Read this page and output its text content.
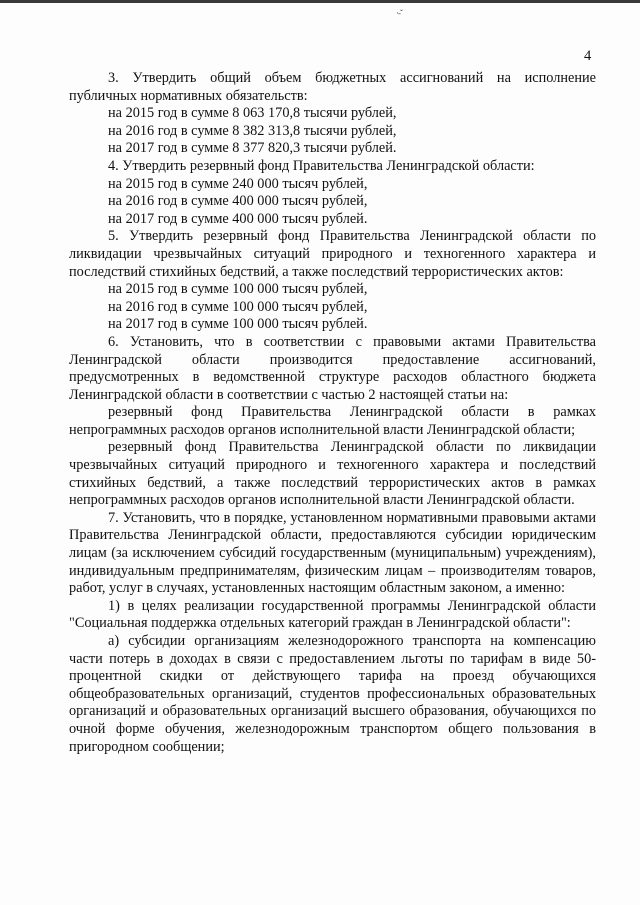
·-ˇ
4

3. Утвердить общий объем бюджетных ассигнований на исполнение публичных нормативных обязательств:

на 2015 год в сумме 8 063 170,8 тысячи рублей,

на 2016 год в сумме 8 382 313,8 тысячи рублей,

на 2017 год в сумме 8 377 820,3 тысячи рублей.

4. Утвердить резервный фонд Правительства Ленинградской области:

на 2015 год в сумме 240 000 тысяч рублей,

на 2016 год в сумме 400 000 тысяч рублей,

на 2017 год в сумме 400 000 тысяч рублей.

5. Утвердить резервный фонд Правительства Ленинградской области по ликвидации чрезвычайных ситуаций природного и техногенного характера и последствий стихийных бедствий, а также последствий террористических актов:

на 2015 год в сумме 100 000 тысяч рублей,

на 2016 год в сумме 100 000 тысяч рублей,

на 2017 год в сумме 100 000 тысяч рублей.

6. Установить, что в соответствии с правовыми актами Правительства Ленинградской области производится предоставление ассигнований, предусмотренных в ведомственной структуре расходов областного бюджета Ленинградской области в соответствии с частью 2 настоящей статьи на:

резервный фонд Правительства Ленинградской области в рамках непрограммных расходов органов исполнительной власти Ленинградской области;

резервный фонд Правительства Ленинградской области по ликвидации чрезвычайных ситуаций природного и техногенного характера и последствий стихийных бедствий, а также последствий террористических актов в рамках непрограммных расходов органов исполнительной власти Ленинградской области.

7. Установить, что в порядке, установленном нормативными правовыми актами Правительства Ленинградской области, предоставляются субсидии юридическим лицам (за исключением субсидий государственным (муниципальным) учреждениям), индивидуальным предпринимателям, физическим лицам – производителям товаров, работ, услуг в случаях, установленных настоящим областным законом, а именно:

1) в целях реализации государственной программы Ленинградской области "Социальная поддержка отдельных категорий граждан в Ленинградской области":

а) субсидии организациям железнодорожного транспорта на компенсацию части потерь в доходах в связи с предоставлением льготы по тарифам в виде 50-процентной скидки от действующего тарифа на проезд обучающихся общеобразовательных организаций, студентов профессиональных образовательных организаций и образовательных организаций высшего образования, обучающихся по очной форме обучения, железнодорожным транспортом общего пользования в пригородном сообщении;
